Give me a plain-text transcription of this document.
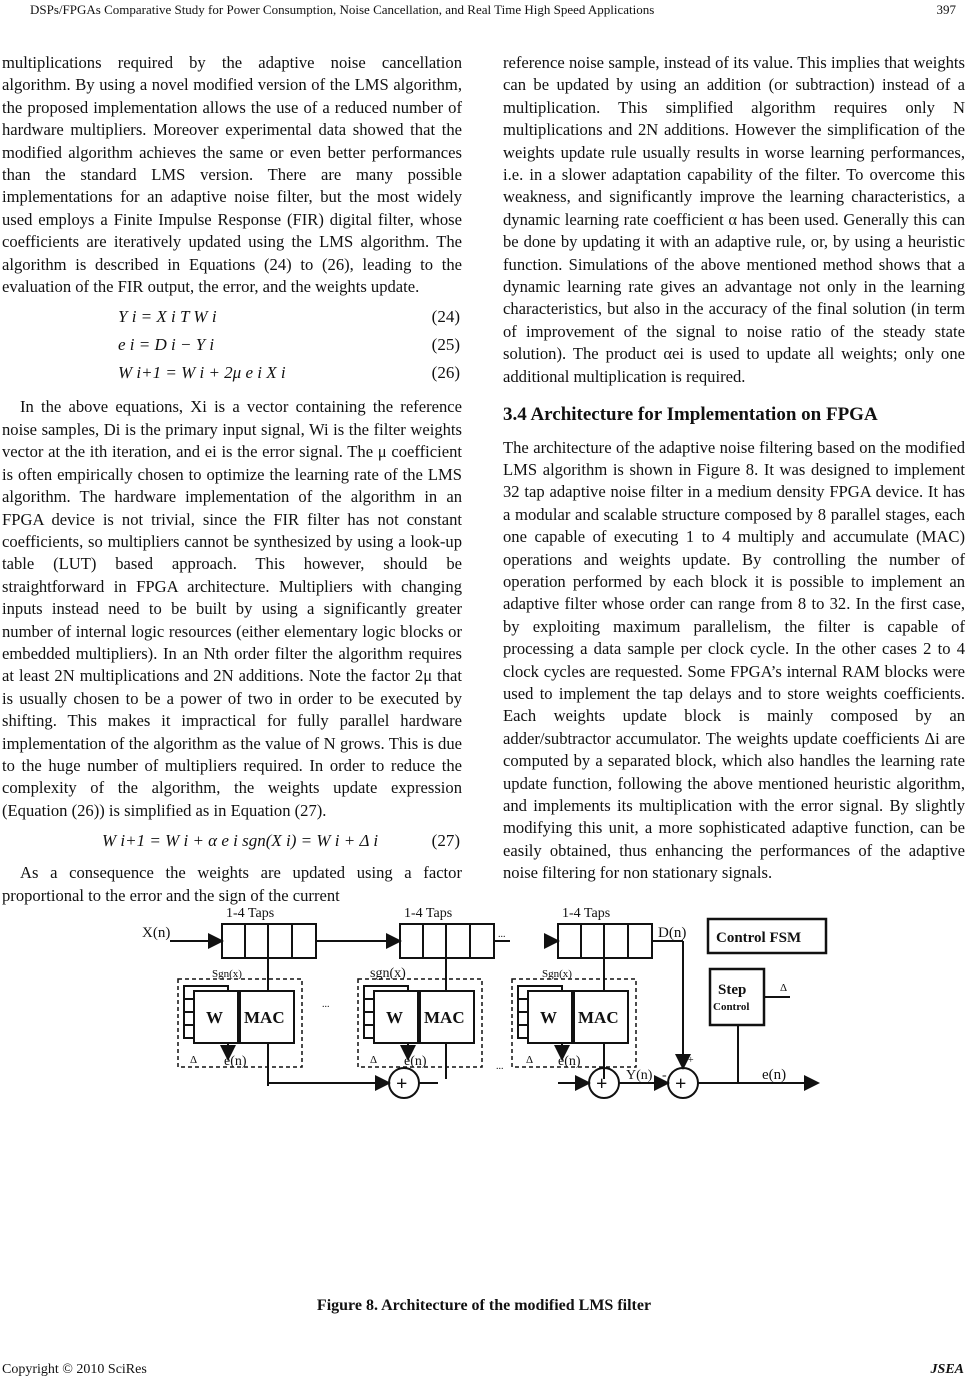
DSPs/FPGAs Comparative Study for Power Consumption, Noise Cancellation, and Real Time High Speed Applications	397

multiplications required by the adaptive noise cancellation algorithm. By using a novel modified version of the LMS algorithm, the proposed implementation allows the use of a reduced number of hardware multipliers. Moreover experimental data showed that the modified algorithm achieves the same or even better performances than the standard LMS version. There are many possible implementations for an adaptive noise filter, but the most widely used employs a Finite Impulse Response (FIR) digital filter, whose coefficients are iteratively updated using the LMS algorithm. The algorithm is described in Equations (24) to (26), leading to the evaluation of the FIR output, the error, and the weights update.

Y i = X i T W i	(24)
e i = D i − Y i	(25)
W i+1 = W i + 2μ e i X i	(26)

In the above equations, Xi is a vector containing the reference noise samples, Di is the primary input signal, Wi is the filter weights vector at the ith iteration, and ei is the error signal. The μ coefficient is often empirically chosen to optimize the learning rate of the LMS algorithm. The hardware implementation of the algorithm in an FPGA device is not trivial, since the FIR filter has not constant coefficients, so multipliers cannot be synthesized by using a look-up table (LUT) based approach. This however, should be straightforward in FPGA architecture. Multipliers with changing inputs instead need to be built by using a significantly greater number of internal logic resources (either elementary logic blocks or embedded multipliers). In an Nth order filter the algorithm requires at least 2N multiplications and 2N additions. Note the factor 2μ that is usually chosen to be a power of two in order to be executed by shifting. This makes it impractical for fully parallel hardware implementation of the algorithm as the value of N grows. This is due to the huge number of multipliers required. In order to reduce the complexity of the algorithm, the weights update expression (Equation (26)) is simplified as in Equation (27).

W i+1 = W i + α e i sgn(X i) = W i + Δ i	(27)

As a consequence the weights are updated using a factor proportional to the error and the sign of the current

reference noise sample, instead of its value. This implies that weights can be updated by using an addition (or subtraction) instead of a multiplication. This simplified algorithm requires only N multiplications and 2N additions. However the simplification of the weights update rule usually results in worse learning performances, i.e. in a slower adaptation capability of the filter. To overcome this weakness, and significantly improve the learning characteristics, a dynamic learning rate coefficient α has been used. Generally this can be done by updating it with an adaptive rule, or, by using a heuristic function. Simulations of the above mentioned method shows that a dynamic learning rate gives an advantage not only in the learning characteristics, but also in the accuracy of the final solution (in term of improvement of the signal to noise ratio of the steady state solution). The product αei is used to update all weights; only one additional multiplication is required.

3.4 Architecture for Implementation on FPGA

The architecture of the adaptive noise filtering based on the modified LMS algorithm is shown in Figure 8. It was designed to implement 32 tap adaptive noise filter in a medium density FPGA device. It has a modular and scalable structure composed by 8 parallel stages, each one capable of executing 1 to 4 multiply and accumulate (MAC) operations and weights update. By controlling the number of operation performed by each block it is possible to implement an adaptive filter whose order can range from 8 to 32. In the first case, by exploiting maximum parallelism, the filter is capable of processing a data sample per clock cycle. In the other cases 2 to 4 clock cycles are requested. Some FPGA’s internal RAM blocks were used to implement the tap delays and to store weights coefficients. Each weights update block is mainly composed by an adder/subtractor accumulator. The weights update coefficients Δi are computed by a separated block, which also handles the learning rate update function, following the above mentioned heuristic algorithm, and implements its multiplication with the error signal. By slightly modifying this unit, a more sophisticated adaptive function, can be easily obtained, thus enhancing the performances of the adaptive noise filtering for non stationary signals.

X(n)
1-4 Taps	1-4 Taps	1-4 Taps
D(n)
Sgn(x)	sgn(x)	Sgn(x)
W	W	W
MAC	MAC	MAC
e(n)	e(n)	e(n)
Δ	Δ	Δ
+	+	+
Control FSM
Step
Control
Δ
Y(n) -
+
e(n)
...
...
...
Figure 8. Architecture of the modified LMS filter
Copyright © 2010 SciRes	JSEA
